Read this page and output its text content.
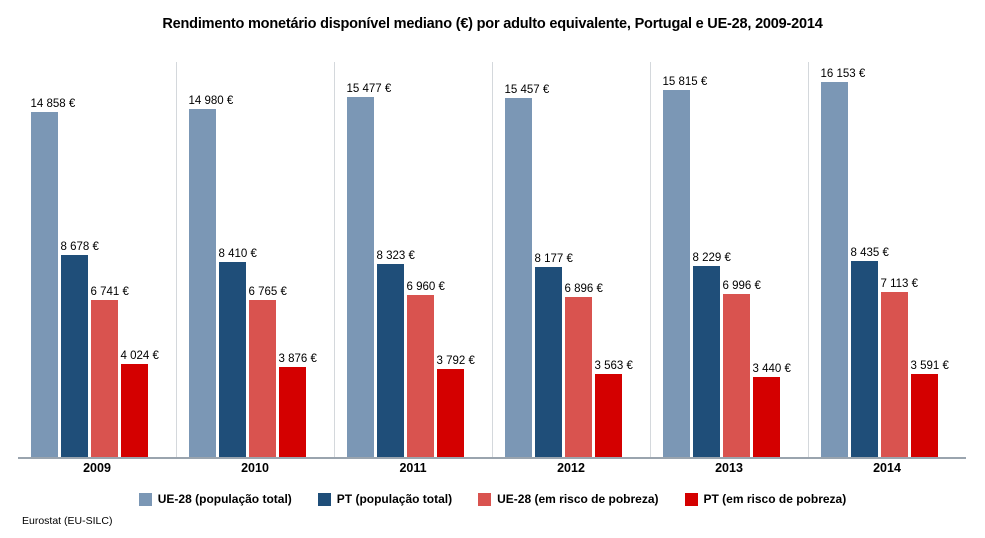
Rendimento monetário disponível mediano (€) por adulto equivalente, Portugal e UE-28, 2009-2014
14 858 €
8 678 €
6 741 €
4 024 €
14 980 €
8 410 €
6 765 €
3 876 €
15 477 €
8 323 €
6 960 €
3 792 €
15 457 €
8 177 €
6 896 €
3 563 €
15 815 €
8 229 €
6 996 €
3 440 €
16 153 €
8 435 €
7 113 €
3 591 €
2009	2010	2011	2012	2013	2014
UE-28 (população total)	PT (população total)	UE-28 (em risco de pobreza)	PT (em risco de pobreza)
Eurostat (EU-SILC)
